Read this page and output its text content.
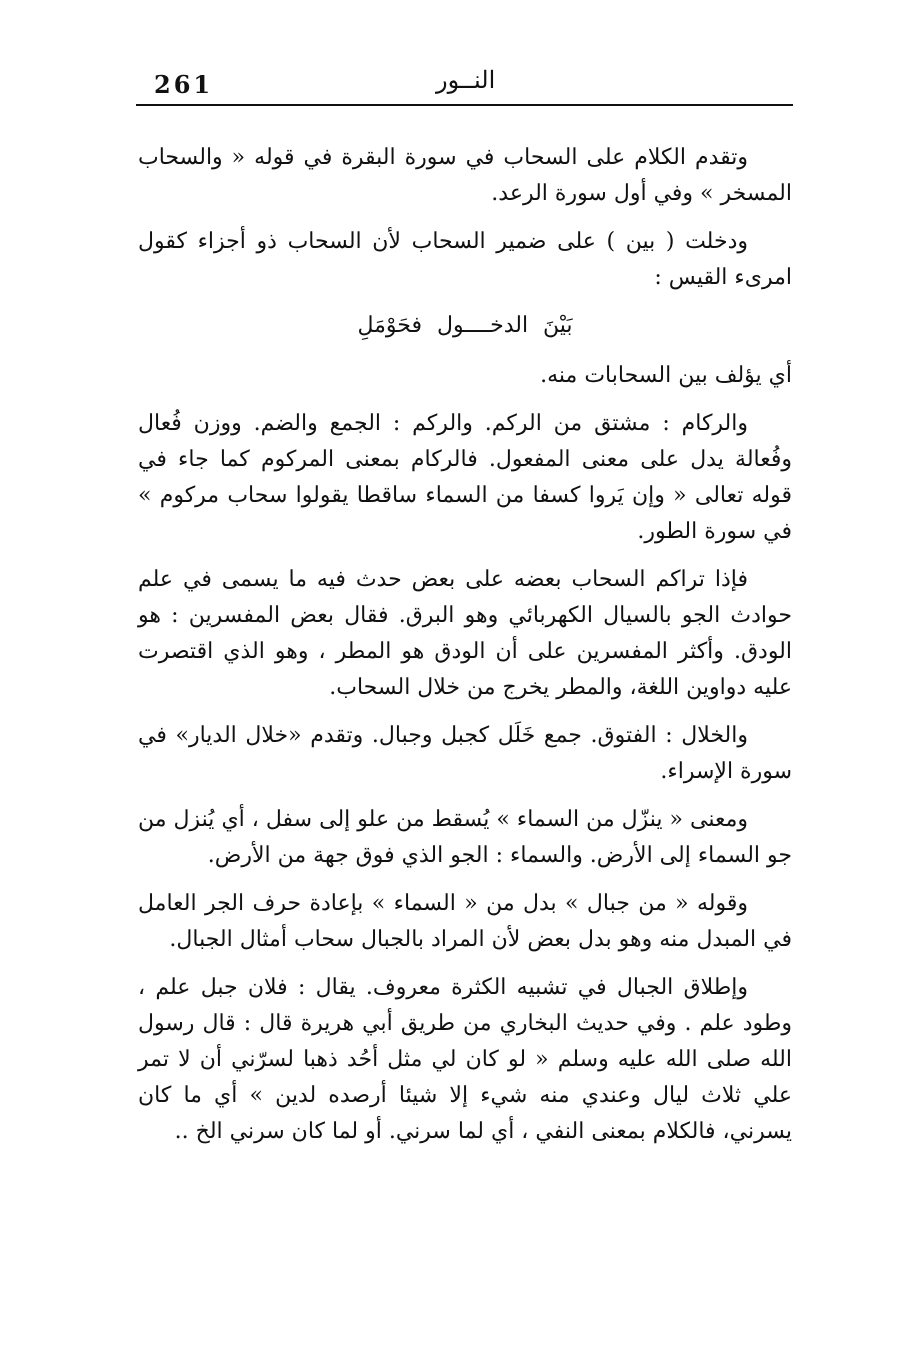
261	النــور

وتقدم الكلام على السحاب في سورة البقرة في قوله « والسحاب المسخر » وفي أول سورة الرعد.

ودخلت ( بين ) على ضمير السحاب لأن السحاب ذو أجزاء كقول امرىء القيس :

بَيْنَ الدخــــول فحَوْمَلِ

أي يؤلف بين السحابات منه.

والركام : مشتق من الركم. والركم : الجمع والضم. ووزن فُعال وفُعالة يدل على معنى المفعول. فالركام بمعنى المركوم كما جاء في قوله تعالى « وإن يَروا كسفا من السماء ساقطا يقولوا سحاب مركوم » في سورة الطور.

فإذا تراكم السحاب بعضه على بعض حدث فيه ما يسمى في علم حوادث الجو بالسيال الكهربائي وهو البرق. فقال بعض المفسرين : هو الودق. وأكثر المفسرين على أن الودق هو المطر ، وهو الذي اقتصرت عليه دواوين اللغة، والمطر يخرج من خلال السحاب.

والخلال : الفتوق. جمع خَلَل كجبل وجبال. وتقدم «خلال الديار» في سورة الإسراء.

ومعنى « ينزّل من السماء » يُسقط من علو إلى سفل ، أي يُنزل من جو السماء إلى الأرض. والسماء : الجو الذي فوق جهة من الأرض.

وقوله « من جبال » بدل من « السماء » بإعادة حرف الجر العامل في المبدل منه وهو بدل بعض لأن المراد بالجبال سحاب أمثال الجبال.

وإطلاق الجبال في تشبيه الكثرة معروف. يقال : فلان جبل علم ، وطود علم . وفي حديث البخاري من طريق أبي هريرة قال : قال رسول الله صلى الله عليه وسلم « لو كان لي مثل أحُد ذهبا لسرّني أن لا تمر علي ثلاث ليال وعندي منه شيء إلا شيئا أرصده لدين » أي ما كان يسرني، فالكلام بمعنى النفي ، أي لما سرني. أو لما كان سرني الخ ..
